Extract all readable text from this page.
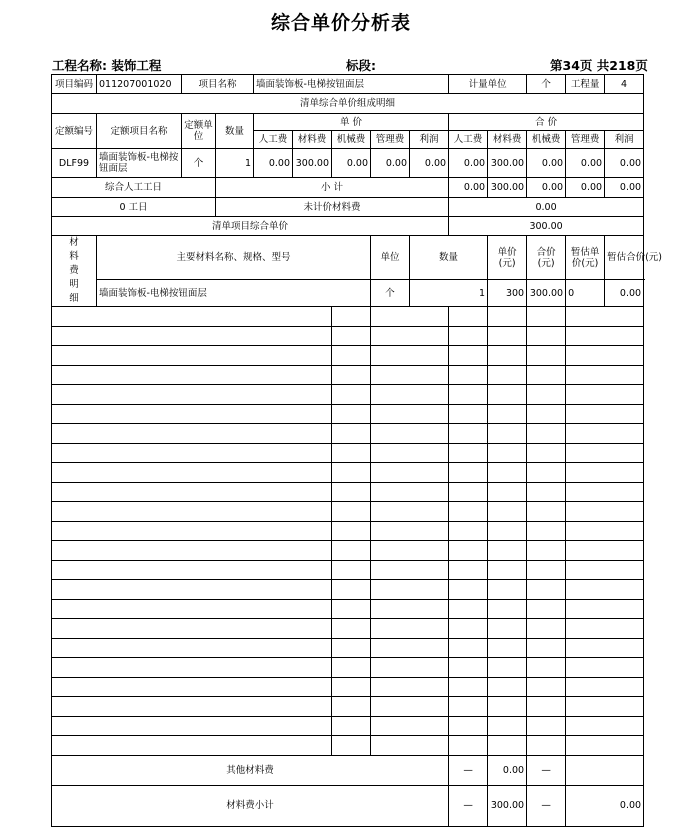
综合单价分析表
工程名称: 装饰工程	标段:	第34页 共218页
项目编码	011207001020	项目名称		墙面装饰板-电梯按钮面层					计量单位		个	工程量	4
清单综合单价组成明细													
定额编号	定额项目名称	定额单位	数量	单 价					合 价				
				人工费	材料费	机械费	管理费	利润	人工费	材料费	机械费	管理费	利润
DLF99	墙面装饰板-电梯按钮面层	个	1	0.00	300.00	0.00	0.00	0.00	0.00	300.00	0.00	0.00	0.00
综合人工工日			小 计						0.00	300.00	0.00	0.00	0.00
0 工日			未计价材料费						0.00				
清单项目综合单价									300.00				

材料费明细	主要材料名称、规格、型号						单位	数量		单价(元)	合价(元)	暂估单价(元)	暂估合价(元)
	墙面装饰板-电梯按钮面层						个	1		300	300.00	0	0.00

其他材料费									—	0.00	—		
材料费小计									—	300.00	—	0.00	
